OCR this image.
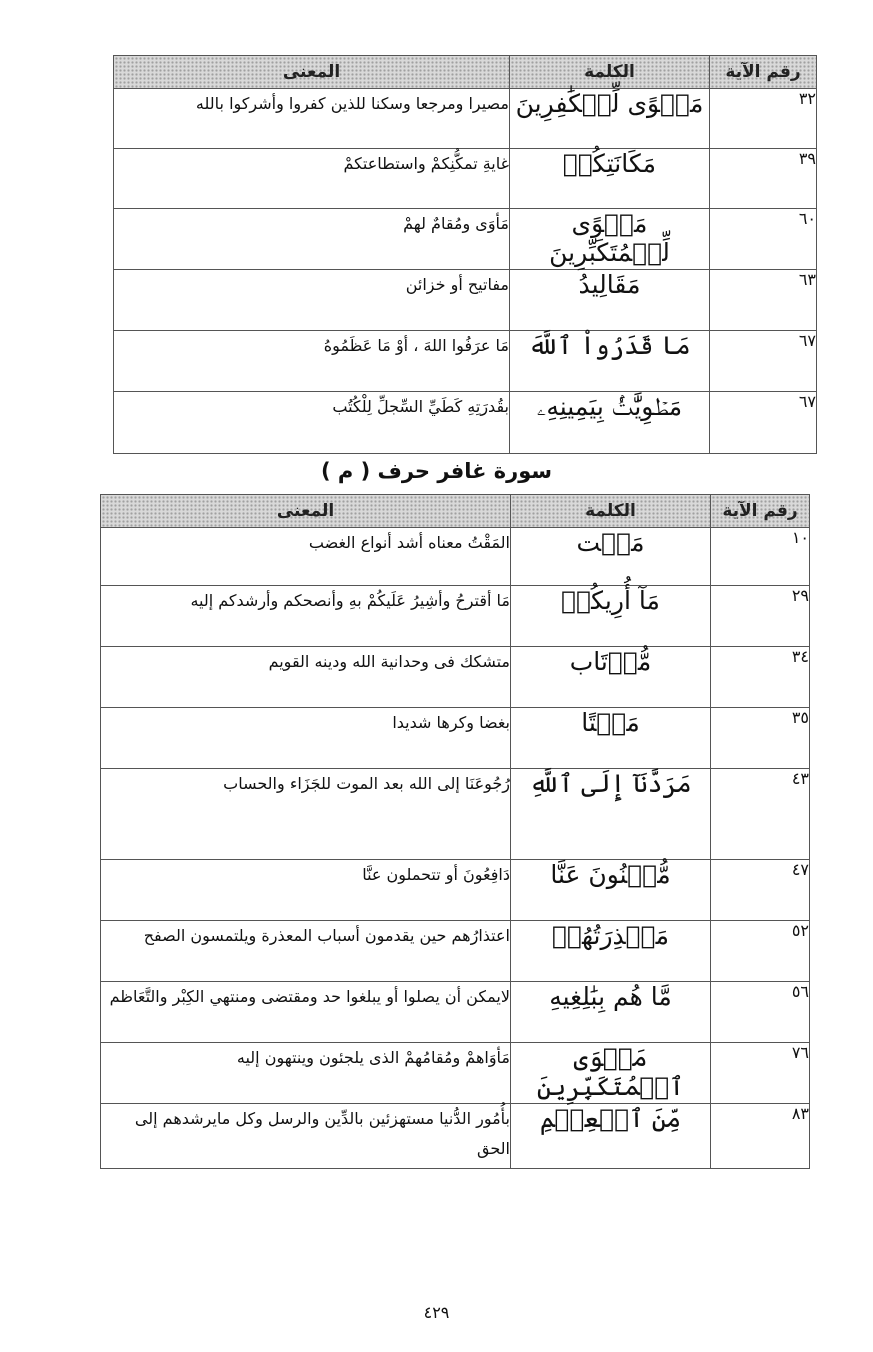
رقم الآية	الكلمة	المعنى
٣٢	مَثۡوًى لِّلۡكَٰفِرِينَ	مصيرا ومرجعا وسكنا للذين كفروا وأشركوا بالله
٣٩	مَكَانَتِكُمۡ	غايةِ تمكُّنِكمْ واستطاعتكمْ
٦٠	مَثۡوًى لِّلۡمُتَكَبِّرِينَ	مَأوَى ومُقامٌ لهمْ
٦٣	مَقَالِيدُ	مفاتيح أو خزائن
٦٧	مَا قَدَرُواْ ٱللَّهَ	مَا عرَفُوا اللهَ ، أوْ مَا عَظَمُوهُ
٦٧	مَطۡوِيَّٰتُۢ بِيَمِينِهِۦ	بقُدرَتِهِ كَطَيِّ السِّجلِّ لِلْكُتُب
سورة غافر حرف ( م )
رقم الآية	الكلمة	المعنى
١٠	مَقۡت	المَقْتُ معناه أشد أنواع الغضب
٢٩	مَآ أُرِيكُمۡ	مَا أقترحُ وأشِيرُ عَلَيكُمْ بهِ وأنصحكم وأرشدكم إليه
٣٤	مُّرۡتَاب	متشكك فى وحدانية الله ودينه القويم
٣٥	مَقۡتًا	بغضا وكرها شديدا
٤٣	مَرَدَّنَآ إِلَى ٱللَّهِ	رُجُوعَنَا إلى الله بعد الموت للجَزَاء والحساب
٤٧	مُّغۡنُونَ عَنَّا	دَافِعُونَ أو تتحملون عنَّا
٥٢	مَعۡذِرَتُهُمۡ	اعتذارُهم حين يقدمون أسباب المعذرة ويلتمسون الصفح
٥٦	مَّا هُم بِبَٰلِغِيهِ	لايمكن أن يصلوا أو يبلغوا حد ومقتضى ومنتهي الكِبْر والتَّعَاظم
٧٦	مَثۡوَى ٱلۡمُتَكَبِّرِينَ	مَأوَاهمْ ومُقامُهمْ الذى يلجئون وينتهون إليه
٨٣	مِّنَ ٱلۡعِلۡمِ	بأُمُور الدُّنيا مستهزئين بالدِّين والرسل وكل مايرشدهم إلى الحق
٤٢٩
